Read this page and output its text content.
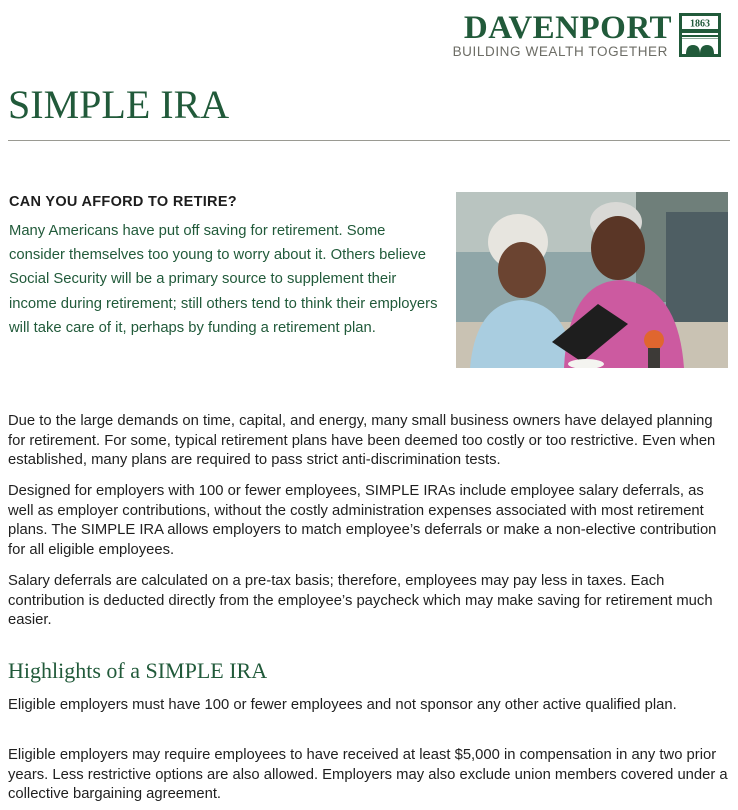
DAVENPORT
BUILDING WEALTH TOGETHER
1863
SIMPLE IRA
CAN YOU AFFORD TO RETIRE?

Many Americans have put off saving for retirement. Some consider themselves too young to worry about it. Others believe Social Security will be a primary source to supplement their income during retirement; still others tend to think their employers will take care of it, perhaps by funding a retirement plan.

Due to the large demands on time, capital, and energy, many small business owners have delayed planning for retirement. For some, typical retirement plans have been deemed too costly or too restrictive. Even when established, many plans are required to pass strict anti-discrimination tests.

Designed for employers with 100 or fewer employees, SIMPLE IRAs include employee salary deferrals, as well as employer contributions, without the costly administration expenses associated with most retirement plans. The SIMPLE IRA allows employers to match employee’s deferrals or make a non-elective contribution for all eligible employees.

Salary deferrals are calculated on a pre-tax basis; therefore, employees may pay less in taxes. Each contribution is deducted directly from the employee’s paycheck which may make saving for retirement much easier.

Highlights of a SIMPLE IRA

Eligible employers must have 100 or fewer employees and not sponsor any other active qualified plan.

Eligible employers may require employees to have received at least $5,000 in compensation in any two prior years. Less restrictive options are also allowed. Employers may also exclude union members covered under a collective bargaining agreement.
